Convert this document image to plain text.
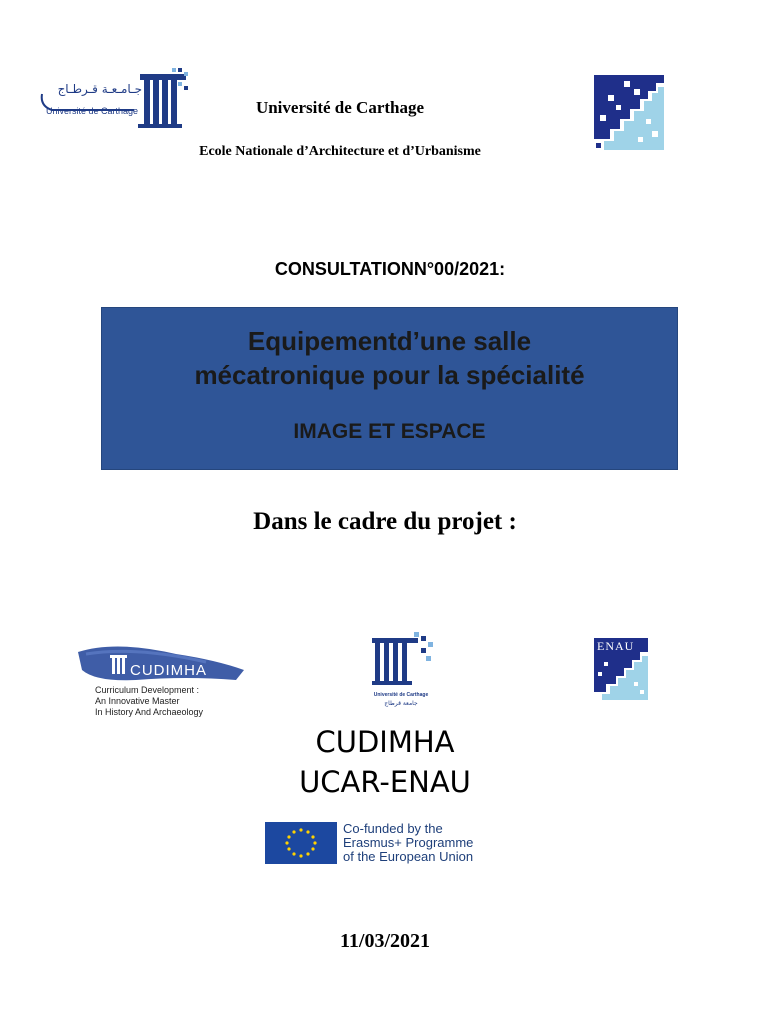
جـامـعـة قـرطـاج
Université de Carthage	Université de Carthage
Ecole Nationale d’Architecture et d’Urbanisme
CONSULTATIONN°00/2021:
Equipementd’une salle
mécatronique pour la spécialité
IMAGE ET ESPACE
Dans le cadre du projet :
CUDIMHA
Curriculum Development :
An Innovative Master
In History And Archaeology
Université de Carthage
جامعة قرطاج
ENAU
CUDIMHA
UCAR-ENAU
Co-funded by the
Erasmus+ Programme
of the European Union
11/03/2021
